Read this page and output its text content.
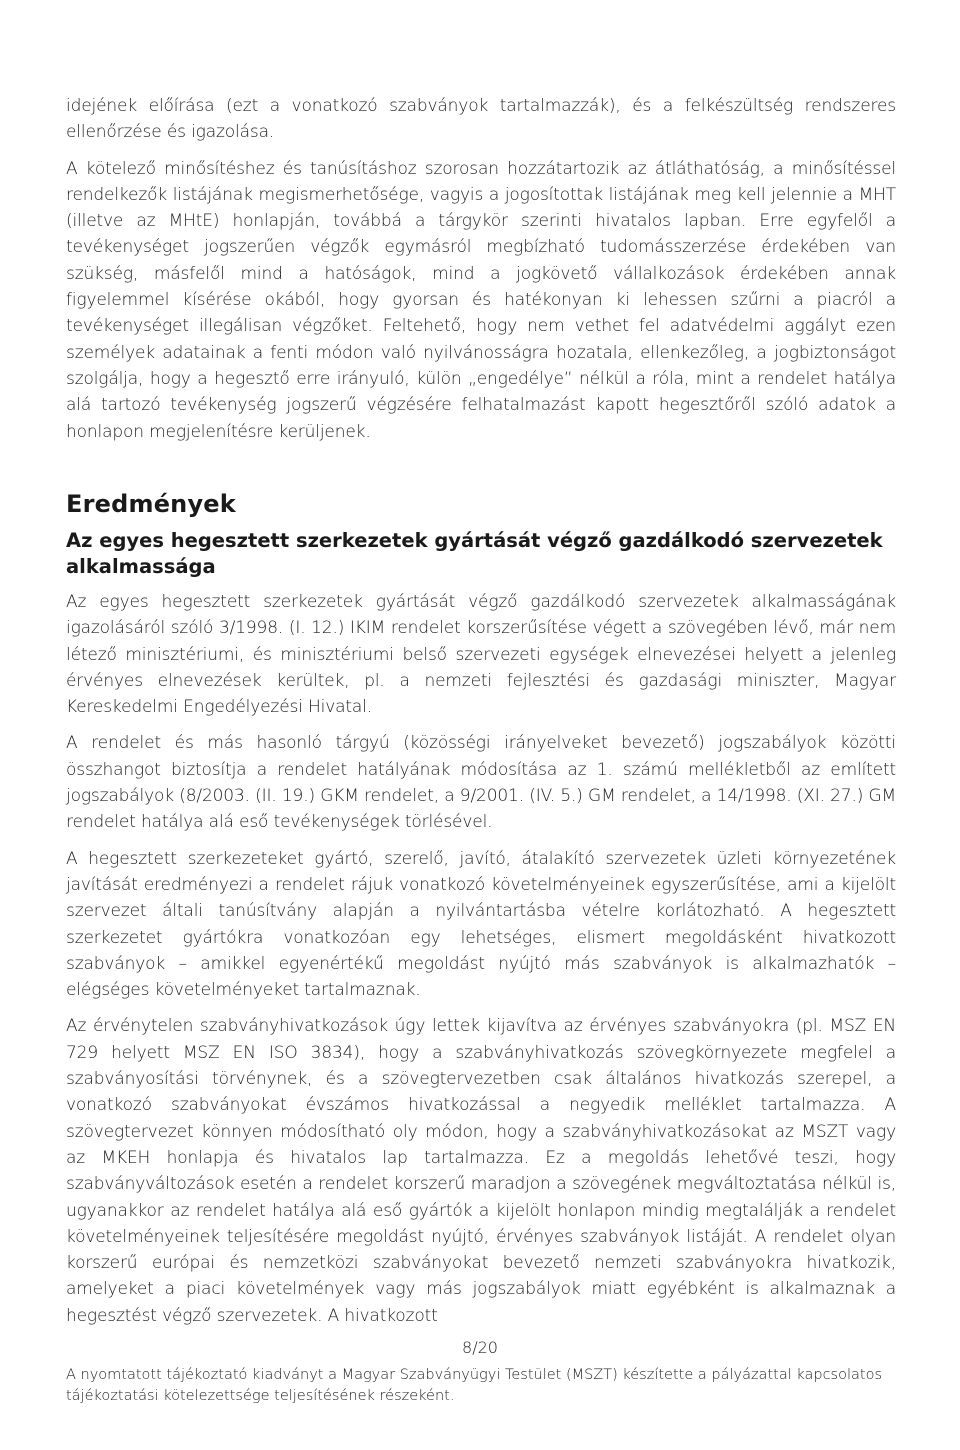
idejének előírása (ezt a vonatkozó szabványok tartalmazzák), és a felkészültség rendszeres ellenőrzése és igazolása.

A kötelező minősítéshez és tanúsításhoz szorosan hozzátartozik az átláthatóság, a minősítéssel rendelkezők listájának megismerhetősége, vagyis a jogosítottak listájának meg kell jelennie a MHT (illetve az MHtE) honlapján, továbbá a tárgykör szerinti hivatalos lapban. Erre egyfelől a tevékenységet jogszerűen végzők egymásról megbízható tudomásszerzése érdekében van szükség, másfelől mind a hatóságok, mind a jogkövető vállalkozások érdekében annak figyelemmel kísérése okából, hogy gyorsan és hatékonyan ki lehessen szűrni a piacról a tevékenységet illegálisan végzőket. Feltehető, hogy nem vethet fel adatvédelmi aggályt ezen személyek adatainak a fenti módon való nyilvánosságra hozatala, ellenkezőleg, a jogbiztonságot szolgálja, hogy a hegesztő erre irányuló, külön „engedélye” nélkül a róla, mint a rendelet hatálya alá tartozó tevékenység jogszerű végzésére felhatalmazást kapott hegesztőről szóló adatok a honlapon megjelenítésre kerüljenek.

Eredmények
Az egyes hegesztett szerkezetek gyártását végző gazdálkodó szervezetek alkalmassága

Az egyes hegesztett szerkezetek gyártását végző gazdálkodó szervezetek alkalmasságának igazolásáról szóló 3/1998. (I. 12.) IKIM rendelet korszerűsítése végett a szövegében lévő, már nem létező minisztériumi, és minisztériumi belső szervezeti egységek elnevezései helyett a jelenleg érvényes elnevezések kerültek, pl. a nemzeti fejlesztési és gazdasági miniszter, Magyar Kereskedelmi Engedélyezési Hivatal.

A rendelet és más hasonló tárgyú (közösségi irányelveket bevezető) jogszabályok közötti összhangot biztosítja a rendelet hatályának módosítása az 1. számú mellékletből az említett jogszabályok (8/2003. (II. 19.) GKM rendelet, a 9/2001. (IV. 5.) GM rendelet, a 14/1998. (XI. 27.) GM rendelet hatálya alá eső tevékenységek törlésével.

A hegesztett szerkezeteket gyártó, szerelő, javító, átalakító szervezetek üzleti környezetének javítását eredményezi a rendelet rájuk vonatkozó követelményeinek egyszerűsítése, ami a kijelölt szervezet általi tanúsítvány alapján a nyilvántartásba vételre korlátozható. A hegesztett szerkezetet gyártókra vonatkozóan egy lehetséges, elismert megoldásként hivatkozott szabványok – amikkel egyenértékű megoldást nyújtó más szabványok is alkalmazhatók – elégséges követelményeket tartalmaznak.

Az érvénytelen szabványhivatkozások úgy lettek kijavítva az érvényes szabványokra (pl. MSZ EN 729 helyett MSZ EN ISO 3834), hogy a szabványhivatkozás szövegkörnyezete megfelel a szabványosítási törvénynek, és a szövegtervezetben csak általános hivatkozás szerepel, a vonatkozó szabványokat évszámos hivatkozással a negyedik melléklet tartalmazza. A szövegtervezet könnyen módosítható oly módon, hogy a szabványhivatkozásokat az MSZT vagy az MKEH honlapja és hivatalos lap tartalmazza. Ez a megoldás lehetővé teszi, hogy szabványváltozások esetén a rendelet korszerű maradjon a szövegének megváltoztatása nélkül is, ugyanakkor az rendelet hatálya alá eső gyártók a kijelölt honlapon mindig megtalálják a rendelet követelményeinek teljesítésére megoldást nyújtó, érvényes szabványok listáját. A rendelet olyan korszerű európai és nemzetközi szabványokat bevezető nemzeti szabványokra hivatkozik, amelyeket a piaci követelmények vagy más jogszabályok miatt egyébként is alkalmaznak a hegesztést végző szervezetek. A hivatkozott

8/20

A nyomtatott tájékoztató kiadványt a Magyar Szabványügyi Testület (MSZT) készítette a pályázattal kapcsolatos tájékoztatási kötelezettsége teljesítésének részeként.
